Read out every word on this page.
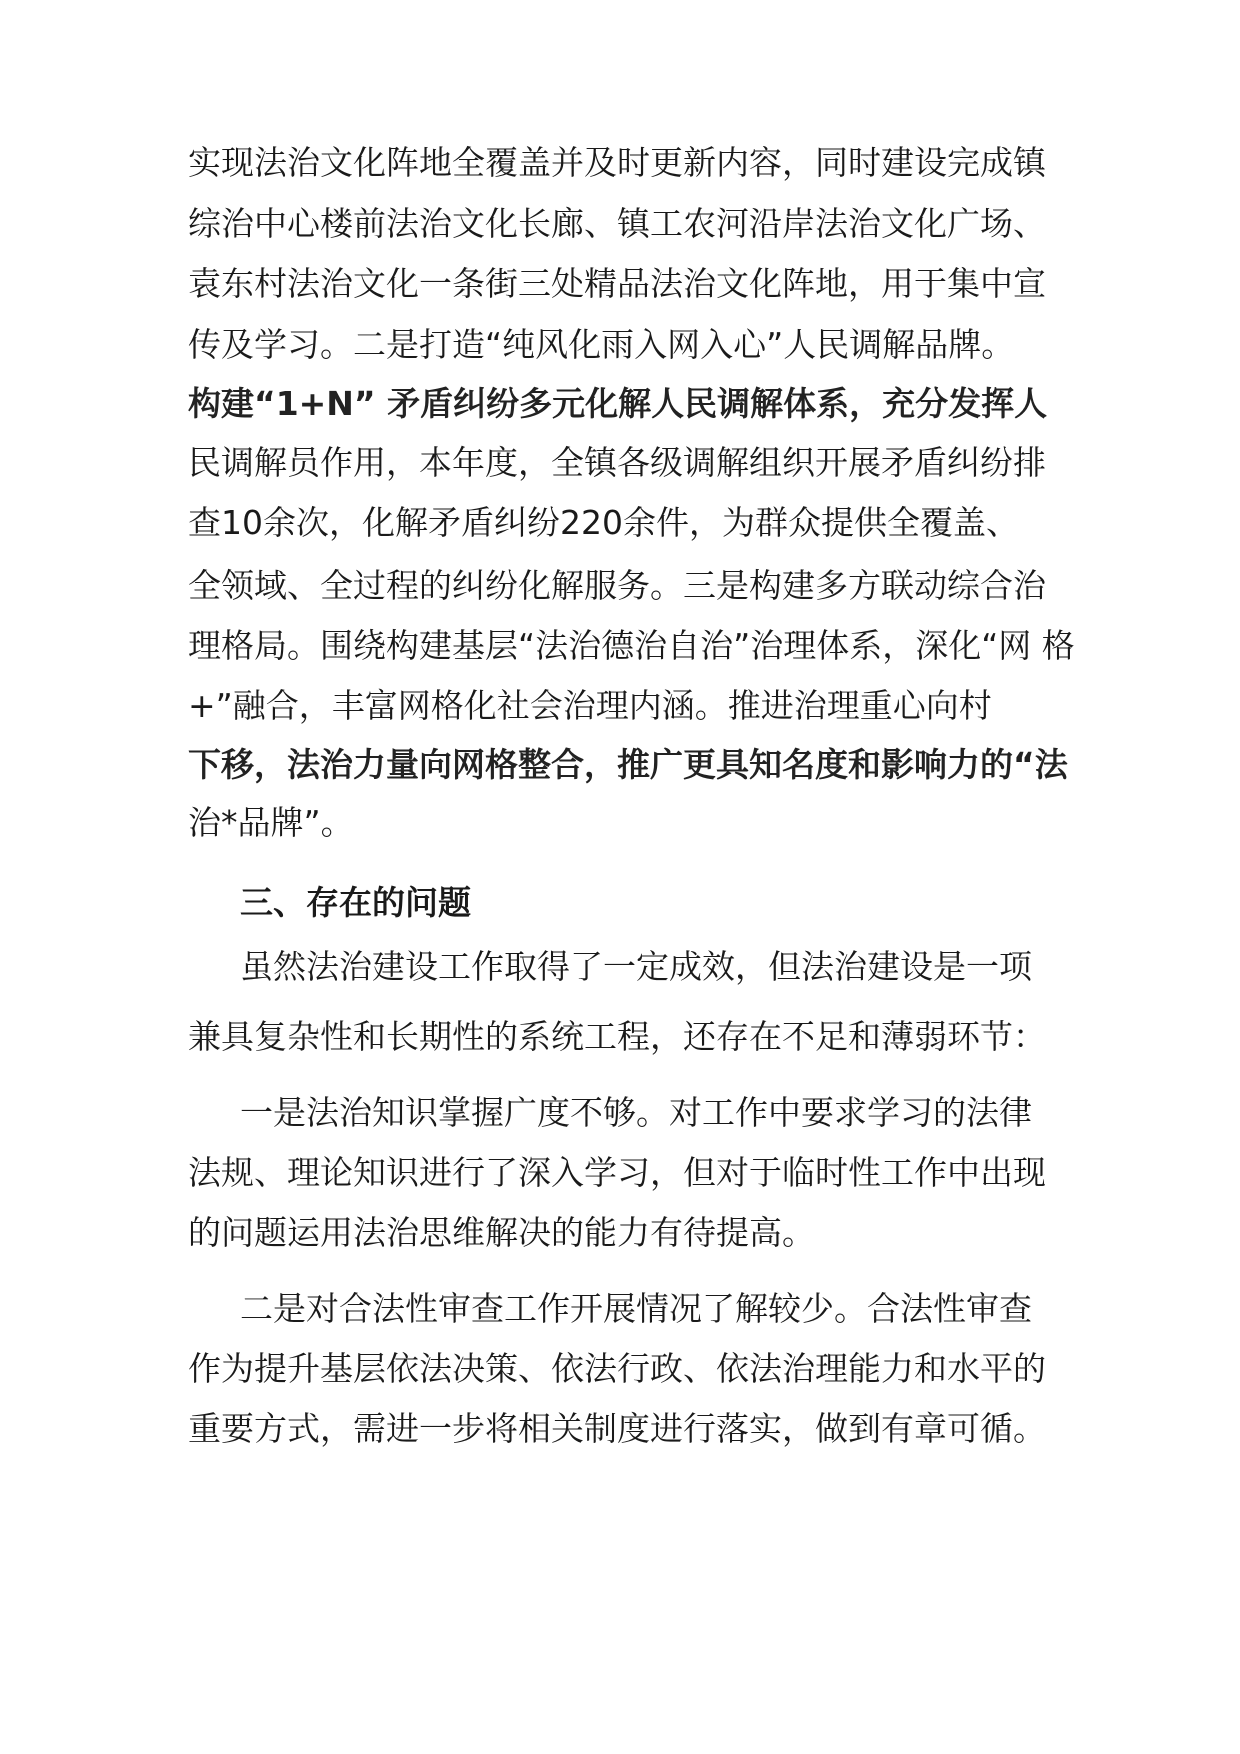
实现法治文化阵地全覆盖并及时更新内容，同时建设完成镇
综治中心楼前法治文化长廊、镇工农河沿岸法治文化广场、
袁东村法治文化一条街三处精品法治文化阵地，用于集中宣
传及学习。二是打造“纯风化雨入网入心”人民调解品牌。
构建“1+N” 矛盾纠纷多元化解人民调解体系，充分发挥人
民调解员作用，本年度，全镇各级调解组织开展矛盾纠纷排
查10余次，化解矛盾纠纷220余件，为群众提供全覆盖、
全领域、全过程的纠纷化解服务。三是构建多方联动综合治
理格局。围绕构建基层“法治德治自治”治理体系，深化“网 格
+”融合，丰富网格化社会治理内涵。推进治理重心向村
下移，法治力量向网格整合，推广更具知名度和影响力的“法
治*品牌”。
三、存在的问题
虽然法治建设工作取得了一定成效，但法治建设是一项
兼具复杂性和长期性的系统工程，还存在不足和薄弱环节：
一是法治知识掌握广度不够。对工作中要求学习的法律
法规、理论知识进行了深入学习，但对于临时性工作中出现
的问题运用法治思维解决的能力有待提高。
二是对合法性审查工作开展情况了解较少。合法性审查
作为提升基层依法决策、依法行政、依法治理能力和水平的
重要方式，需进一步将相关制度进行落实，做到有章可循。
